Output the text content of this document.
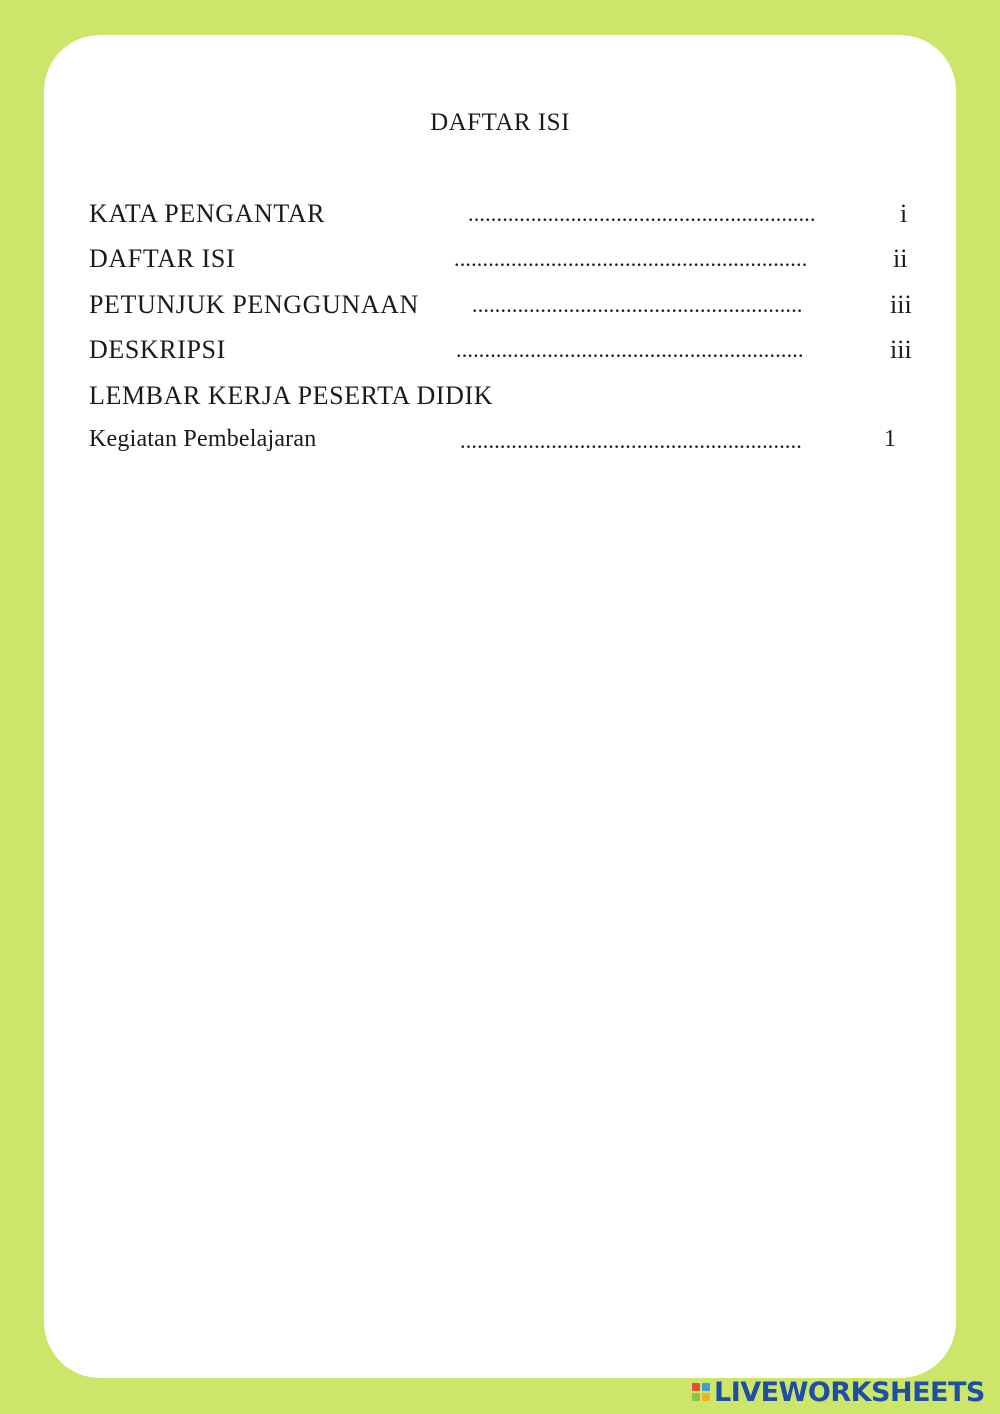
DAFTAR ISI
KATA PENGANTAR	.............................................................	i
DAFTAR ISI	..............................................................	ii
PETUNJUK PENGGUNAAN ..........................................................	iii
DESKRIPSI	.............................................................	iii
LEMBAR KERJA PESERTA DIDIK
Kegiatan Pembelajaran	............................................................	1
LIVEWORKSHEETS
